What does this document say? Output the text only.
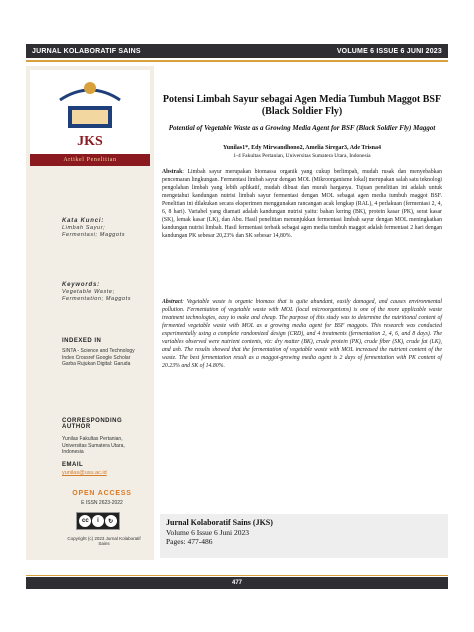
JURNAL KOLABORATIF SAINS	VOLUME 6 ISSUE 6 JUNI 2023
JKS
Artikel Penelitian
Kata Kunci:
Limbah Sayur; Fermentasi; Maggots
Keywords:
Vegetable Waste; Fermentation; Maggots
INDEXED IN
SINTA - Science and Technology Index Crossref Google Scholar Garba Rujukan Digital: Garuda
CORRESPONDING AUTHOR
Yunilas Fakultas Pertanian, Universitas Sumatera Utara, Indonesia
EMAIL
yunilas@usu.ac.id
OPEN ACCESS
E ISSN 2623-2022
cc	i	↻
Copyright (c) 2023 Jurnal Kolaboratif Sains
Potensi Limbah Sayur sebagai Agen Media Tumbuh Maggot BSF (Black Soldier Fly)
Potential of Vegetable Waste as a Growing Media Agent for BSF (Black Soldier Fly) Maggot
Yunilas1*, Edy Mirwandhono2, Amelia Siregar3, Ade Trisna4
1-4 Fakultas Pertanian, Universitas Sumatera Utara, Indonesia
Abstrak: Limbah sayur merupakan biomassa organik yang cukup berlimpah, mudah rusak dan menyebabkan pencemaran lingkungan. Fermentasi limbah sayur dengan MOL (Mikroorganisme lokal) merupakan salah satu teknologi pengolahan limbah yang lebih aplikatif, mudah dibuat dan murah harganya. Tujuan penelitian ini adalah untuk mengetahui kandungan nutrisi limbah sayur fermentasi dengan MOL sebagai agen media tumbuh maggot BSF. Penelitian ini dilakukan secara eksperimen menggunakan rancangan acak lengkap (RAL), 4 perlakuan (fermentasi 2, 4, 6, 8 hari). Variabel yang diamati adalah kandungan nutrisi yaitu: bahan kering (BK), protein kasar (PK), serat kasar (SK), lemak kasar (LK), dan Abu. Hasil penelitian menunjukkan fermentasi limbah sayur dengan MOL meningkatkan kandungan nutrisi limbah. Hasil fermentasi terbaik sebagai agen media tumbuh maggot adalah fermentasi 2 hari dengan kandungan PK sebesar 20,23% dan SK sebesar 14,80%.
Abstract: Vegetable waste is organic biomass that is quite abundant, easily damaged, and causes environmental pollution. Fermentation of vegetable waste with MOL (local microorganisms) is one of the more applicable waste treatment technologies, easy to make and cheap. The purpose of this study was to determine the nutritional content of fermented vegetable waste with MOL as a growing media agent for BSF maggots. This research was conducted experimentally using a complete randomized design (CRD), and 4 treatments (fermentation 2, 4, 6, and 8 days). The variables observed were nutrient contents, viz: dry matter (BK), crude protein (PK), crude fiber (SK), crude fat (LK), and ash. The results showed that the fermentation of vegetable waste with MOL increased the nutrient content of the waste. The best fermentation result as a maggot-growing media agent is 2 days of fermentation with PK content of 20.23% and SK of 14.80%.
Jurnal Kolaboratif Sains (JKS)
Volume 6 Issue 6 Juni 2023
Pages: 477-486
477
